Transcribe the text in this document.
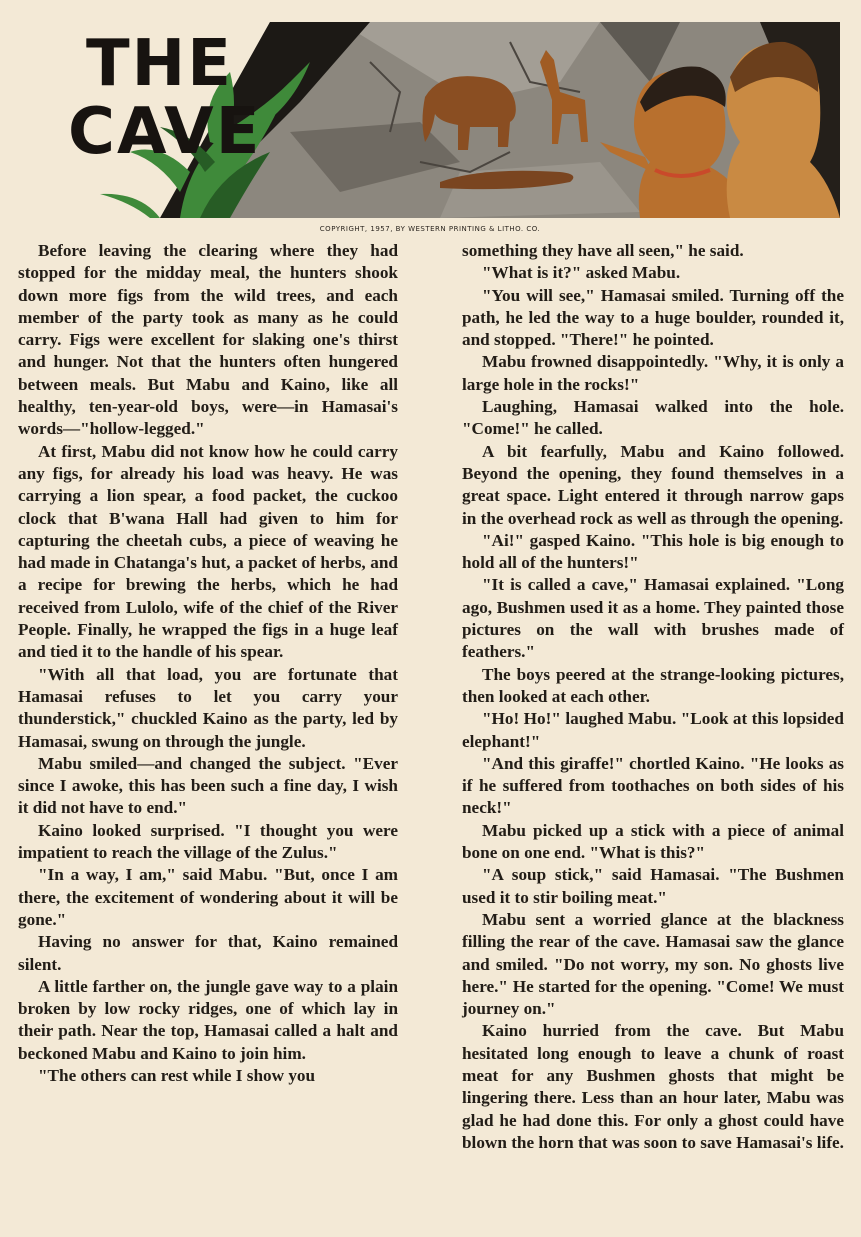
THE
CAVE
COPYRIGHT, 1957, BY WESTERN PRINTING & LITHO. CO.

Before leaving the clearing where they had stopped for the midday meal, the hunters shook down more figs from the wild trees, and each member of the party took as many as he could carry. Figs were excellent for slaking one's thirst and hunger. Not that the hunters often hungered between meals. But Mabu and Kaino, like all healthy, ten-year-old boys, were—in Hamasai's words—"hollow-legged."

At first, Mabu did not know how he could carry any figs, for already his load was heavy. He was carrying a lion spear, a food packet, the cuckoo clock that B'wana Hall had given to him for capturing the cheetah cubs, a piece of weaving he had made in Chatanga's hut, a packet of herbs, and a recipe for brewing the herbs, which he had received from Lulolo, wife of the chief of the River People. Finally, he wrapped the figs in a huge leaf and tied it to the handle of his spear.

"With all that load, you are fortunate that Hamasai refuses to let you carry your thunderstick," chuckled Kaino as the party, led by Hamasai, swung on through the jungle.

Mabu smiled—and changed the subject. "Ever since I awoke, this has been such a fine day, I wish it did not have to end."

Kaino looked surprised. "I thought you were impatient to reach the village of the Zulus."

"In a way, I am," said Mabu. "But, once I am there, the excitement of wondering about it will be gone."

Having no answer for that, Kaino remained silent.

A little farther on, the jungle gave way to a plain broken by low rocky ridges, one of which lay in their path. Near the top, Hamasai called a halt and beckoned Mabu and Kaino to join him.

"The others can rest while I show you

something they have all seen," he said.

"What is it?" asked Mabu.

"You will see," Hamasai smiled. Turning off the path, he led the way to a huge boulder, rounded it, and stopped. "There!" he pointed.

Mabu frowned disappointedly. "Why, it is only a large hole in the rocks!"

Laughing, Hamasai walked into the hole. "Come!" he called.

A bit fearfully, Mabu and Kaino followed. Beyond the opening, they found themselves in a great space. Light entered it through narrow gaps in the overhead rock as well as through the opening.

"Ai!" gasped Kaino. "This hole is big enough to hold all of the hunters!"

"It is called a cave," Hamasai explained. "Long ago, Bushmen used it as a home. They painted those pictures on the wall with brushes made of feathers."

The boys peered at the strange-looking pictures, then looked at each other.

"Ho! Ho!" laughed Mabu. "Look at this lopsided elephant!"

"And this giraffe!" chortled Kaino. "He looks as if he suffered from toothaches on both sides of his neck!"

Mabu picked up a stick with a piece of animal bone on one end. "What is this?"

"A soup stick," said Hamasai. "The Bushmen used it to stir boiling meat."

Mabu sent a worried glance at the blackness filling the rear of the cave. Hamasai saw the glance and smiled. "Do not worry, my son. No ghosts live here." He started for the opening. "Come! We must journey on."

Kaino hurried from the cave. But Mabu hesitated long enough to leave a chunk of roast meat for any Bushmen ghosts that might be lingering there. Less than an hour later, Mabu was glad he had done this. For only a ghost could have blown the horn that was soon to save Hamasai's life.
